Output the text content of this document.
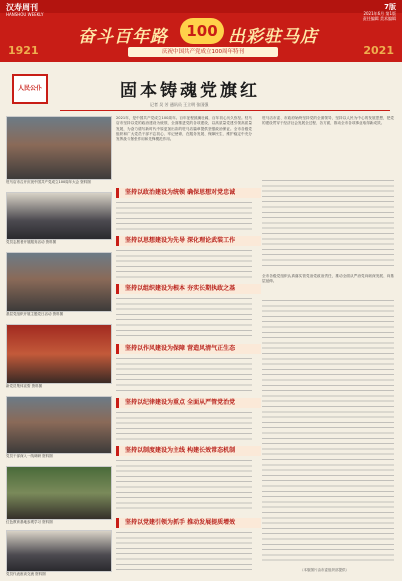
汉寿周刊
HANSHOU WEEKLY
7版
2021年6月 第1版
责任编辑 美术编辑
奋斗百年路	100 出彩驻马店
1921	2021
庆祝中国共产党成立100周年特刊
人民公仆	固本铸魂党旗红
记者 吴 芳 通讯员 王立明 张国强
驻马店市召开庆祝中国共产党成立100周年大会 资料图
党员志愿者开展服务活动 资料图
基层党组织开展主题党日活动 资料图
新党员集体宣誓 资料图
党员干部深入一线调研 资料图
红色教育基地参观学习 资料图
党员代表座谈交流 资料图
2021年，是中国共产党成立100周年。百年征程波澜壮阔，百年初心历久弥坚。驻马店市坚持以党的政治建设为统领，全面推进党的各项建设，以高质量党建引领高质量发展，为奋力谱写新时代中原更加出彩的驻马店篇章提供坚强政治保证。全市各级党组织和广大党员干部不忘初心、牢记使命，在服务发展、保障民生、维护稳定中充分发挥战斗堡垒作用和先锋模范作用。
驻马店市委、市政府始终坚持党的全面领导，坚持以人民为中心的发展思想，把党的建设贯穿于经济社会发展全过程、各方面，推动全市各项事业取得新成效。
坚持以政治建设为统领 确保思想对党忠诚
坚持以思想建设为先导 深化理论武装工作
坚持以组织建设为根本 夯实长期执政之基
坚持以作风建设为保障 营造风清气正生态
坚持以纪律建设为重点 全面从严管党治党
坚持以制度建设为主线 构建长效常态机制
坚持以党建引领为抓手 推动发展提质增效
全市各级党组织认真落实管党治党政治责任，推动全面从严治党向纵深发展、向基层延伸。
（本版图片由市委组织部提供）
